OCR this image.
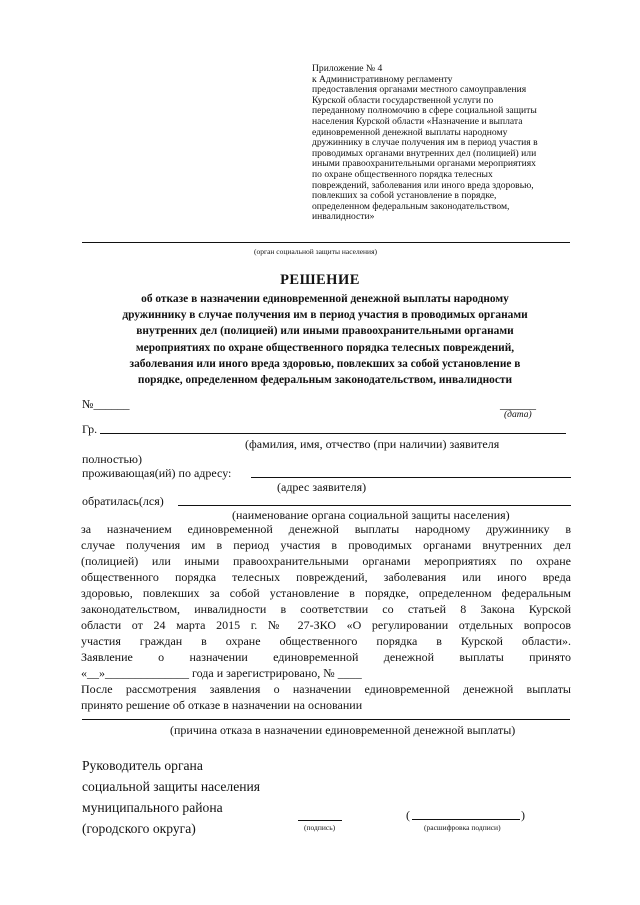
Приложение № 4
к Административному регламенту
предоставления органами местного самоуправления
Курской области государственной услуги по
переданному полномочию в сфере социальной защиты
населения Курской области «Назначение и выплата
единовременной денежной выплаты народному
дружиннику в случае получения им в период участия в
проводимых органами внутренних дел (полицией) или
иными правоохранительными органами мероприятиях
по охране общественного порядка телесных
повреждений, заболевания или иного вреда здоровью,
повлекших за собой установление в порядке,
определенном федеральным законодательством,
инвалидности»
(орган социальной защиты населения)
РЕШЕНИЕ
об отказе в назначении единовременной денежной выплаты народному
дружиннику в случае получения им в период участия в проводимых органами
внутренних дел (полицией) или иными правоохранительными органами
мероприятиях по охране общественного порядка телесных повреждений,
заболевания или иного вреда здоровью, повлекших за собой установление в
порядке, определенном федеральным законодательством, инвалидности
№______	______
(дата)
Гр.
(фамилия, имя, отчество (при наличии) заявителя
полностью)
проживающая(ий) по адресу:
(адрес заявителя)
обратилась(лся)
(наименование органа социальной защиты населения)
за назначением единовременной денежной выплаты народному дружиннику в
случае получения им в период участия в проводимых органами внутренних дел
(полицией) или иными правоохранительными органами мероприятиях по охране
общественного порядка телесных повреждений, заболевания или иного вреда
здоровью, повлекших за собой установление в порядке, определенном федеральным
законодательством, инвалидности в соответствии со статьей 8 Закона Курской
области от 24 марта 2015 г. № 27-ЗКО «О регулировании отдельных вопросов
участия граждан в охране общественного порядка в Курской области».
Заявление о назначении единовременной денежной выплаты принято
«__»______________ года и зарегистрировано, № ____
После рассмотрения заявления о назначении единовременной денежной выплаты
принято решение об отказе в назначении на основании
(причина отказа в назначении единовременной денежной выплаты)
Руководитель органа
социальной защиты населения
муниципального района
(городского округа)	(подпись)
(	)
(расшифровка подписи)
